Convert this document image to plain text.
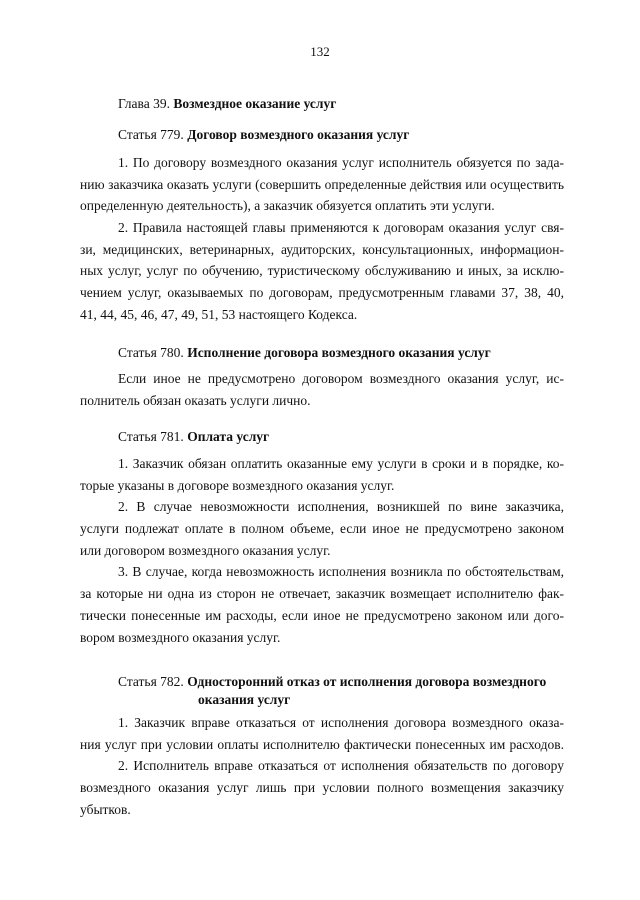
132
Глава 39. Возмездное оказание услуг
Статья 779. Договор возмездного оказания услуг
1. По договору возмездного оказания услуг исполнитель обязуется по зада-
нию заказчика оказать услуги (совершить определенные действия или осуществить
определенную деятельность), а заказчик обязуется оплатить эти услуги.
2. Правила настоящей главы применяются к договорам оказания услуг свя-
зи, медицинских, ветеринарных, аудиторских, консультационных, информацион-
ных услуг, услуг по обучению, туристическому обслуживанию и иных, за исклю-
чением услуг, оказываемых по договорам, предусмотренным главами 37, 38, 40,
41, 44, 45, 46, 47, 49, 51, 53 настоящего Кодекса.
Статья 780. Исполнение договора возмездного оказания услуг
Если иное не предусмотрено договором возмездного оказания услуг, ис-
полнитель обязан оказать услуги лично.
Статья 781. Оплата услуг
1. Заказчик обязан оплатить оказанные ему услуги в сроки и в порядке, ко-
торые указаны в договоре возмездного оказания услуг.
2. В случае невозможности исполнения, возникшей по вине заказчика,
услуги подлежат оплате в полном объеме, если иное не предусмотрено законом
или договором возмездного оказания услуг.
3. В случае, когда невозможность исполнения возникла по обстоятельствам,
за которые ни одна из сторон не отвечает, заказчик возмещает исполнителю фак-
тически понесенные им расходы, если иное не предусмотрено законом или дого-
вором возмездного оказания услуг.
Статья 782. Односторонний отказ от исполнения договора возмездного
оказания услуг
1. Заказчик вправе отказаться от исполнения договора возмездного оказа-
ния услуг при условии оплаты исполнителю фактически понесенных им расходов.
2. Исполнитель вправе отказаться от исполнения обязательств по договору
возмездного оказания услуг лишь при условии полного возмещения заказчику
убытков.
